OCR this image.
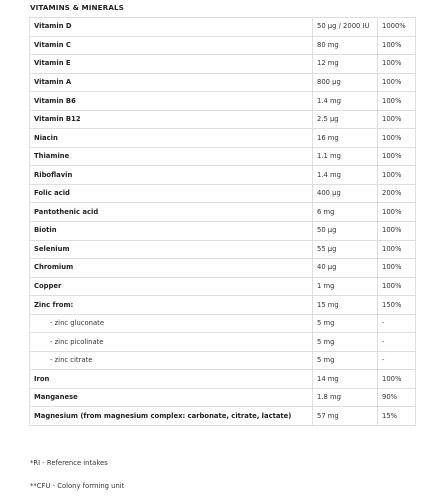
VITAMINS & MINERALS
Vitamin D	50 µg / 2000 IU	1000%
Vitamin C	80 mg	100%
Vitamin E	12 mg	100%
Vitamin A	800 µg	100%
Vitamin B6	1.4 mg	100%
Vitamin B12	2.5 µg	100%
Niacin	16 mg	100%
Thiamine	1.1 mg	100%
Riboflavin	1.4 mg	100%
Folic acid	400 µg	200%
Pantothenic acid	6 mg	100%
Biotin	50 µg	100%
Selenium	55 µg	100%
Chromium	40 µg	100%
Copper	1 mg	100%
Zinc from:	15 mg	150%
- zinc gluconate	5 mg	-
- zinc picolinate	5 mg	-
- zinc citrate	5 mg	-
Iron	14 mg	100%
Manganese	1.8 mg	90%
Magnesium (from magnesium complex: carbonate, citrate, lactate)	57 mg	15%
*RI - Reference intakes
**CFU - Colony forming unit
